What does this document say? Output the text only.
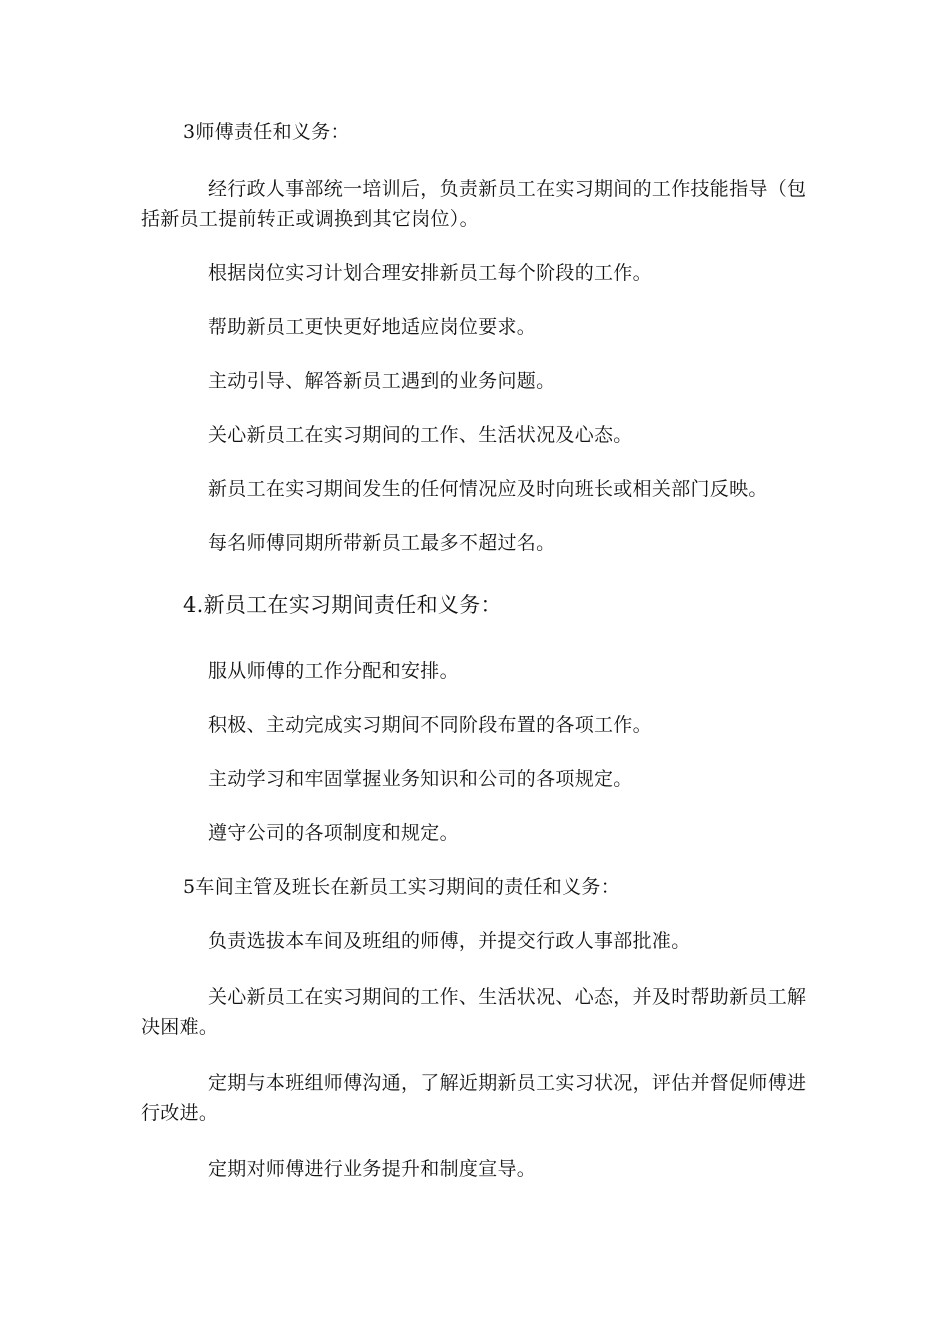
3师傅责任和义务：

经行政人事部统一培训后，负责新员工在实习期间的工作技能指导（包

括新员工提前转正或调换到其它岗位）。

根据岗位实习计划合理安排新员工每个阶段的工作。

帮助新员工更快更好地适应岗位要求。

主动引导、解答新员工遇到的业务问题。

关心新员工在实习期间的工作、生活状况及心态。

新员工在实习期间发生的任何情况应及时向班长或相关部门反映。

每名师傅同期所带新员工最多不超过名。

4.新员工在实习期间责任和义务：

服从师傅的工作分配和安排。

积极、主动完成实习期间不同阶段布置的各项工作。

主动学习和牢固掌握业务知识和公司的各项规定。

遵守公司的各项制度和规定。

5车间主管及班长在新员工实习期间的责任和义务：

负责选拔本车间及班组的师傅，并提交行政人事部批准。

关心新员工在实习期间的工作、生活状况、心态，并及时帮助新员工解

决困难。

定期与本班组师傅沟通，了解近期新员工实习状况，评估并督促师傅进

行改进。

定期对师傅进行业务提升和制度宣导。
